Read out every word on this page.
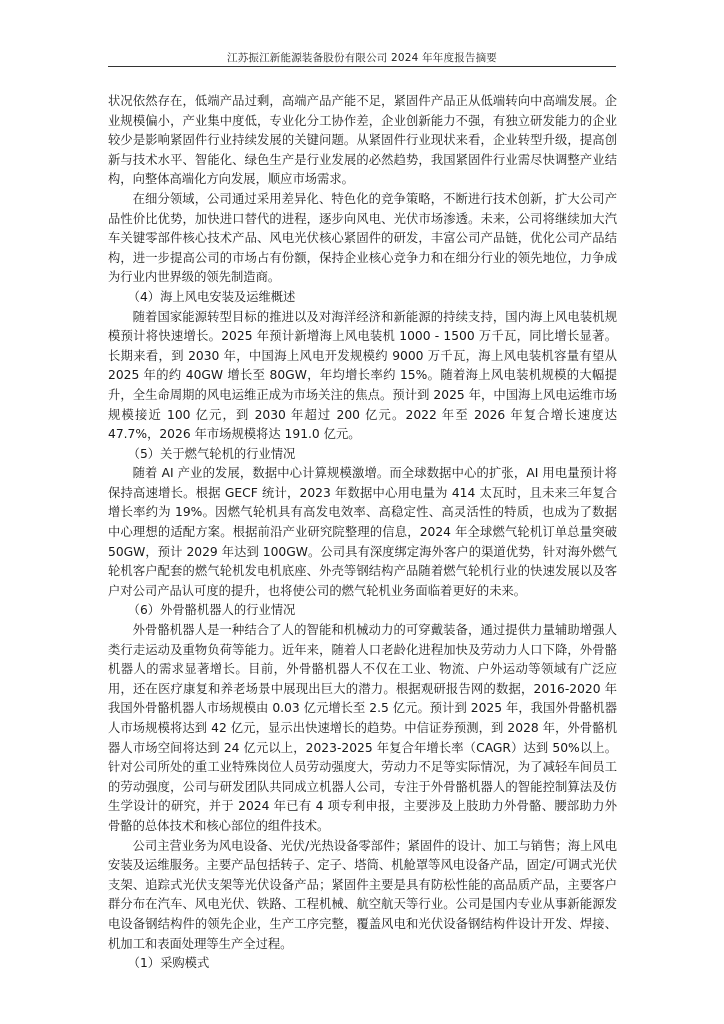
江苏振江新能源装备股份有限公司 2024 年年度报告摘要

状况依然存在，低端产品过剩，高端产品产能不足，紧固件产品正从低端转向中高端发展。企业规模偏小，产业集中度低，专业化分工协作差，企业创新能力不强，有独立研发能力的企业较少是影响紧固件行业持续发展的关键问题。从紧固件行业现状来看，企业转型升级，提高创新与技术水平、智能化、绿色生产是行业发展的必然趋势，我国紧固件行业需尽快调整产业结构，向整体高端化方向发展，顺应市场需求。

在细分领域，公司通过采用差异化、特色化的竞争策略，不断进行技术创新，扩大公司产品性价比优势，加快进口替代的进程，逐步向风电、光伏市场渗透。未来，公司将继续加大汽车关键零部件核心技术产品、风电光伏核心紧固件的研发，丰富公司产品链，优化公司产品结构，进一步提高公司的市场占有份额，保持企业核心竞争力和在细分行业的领先地位，力争成为行业内世界级的领先制造商。

（4）海上风电安装及运维概述

随着国家能源转型目标的推进以及对海洋经济和新能源的持续支持，国内海上风电装机规模预计将快速增长。2025 年预计新增海上风电装机 1000 - 1500 万千瓦，同比增长显著。长期来看，到 2030 年，中国海上风电开发规模约 9000 万千瓦，海上风电装机容量有望从 2025 年的约 40GW 增长至 80GW，年均增长率约 15%。随着海上风电装机规模的大幅提升，全生命周期的风电运维正成为市场关注的焦点。预计到 2025 年，中国海上风电运维市场规模接近 100 亿元，到 2030 年超过 200 亿元。2022 年至 2026 年复合增长速度达 47.7%，2026 年市场规模将达 191.0 亿元。

（5）关于燃气轮机的行业情况

随着 AI 产业的发展，数据中心计算规模激增。而全球数据中心的扩张，AI 用电量预计将保持高速增长。根据 GECF 统计，2023 年数据中心用电量为 414 太瓦时，且未来三年复合增长率约为 19%。因燃气轮机具有高发电效率、高稳定性、高灵活性的特质，也成为了数据中心理想的适配方案。根据前沿产业研究院整理的信息，2024 年全球燃气轮机订单总量突破 50GW，预计 2029 年达到 100GW。公司具有深度绑定海外客户的渠道优势，针对海外燃气轮机客户配套的燃气轮机发电机底座、外壳等钢结构产品随着燃气轮机行业的快速发展以及客户对公司产品认可度的提升，也将使公司的燃气轮机业务面临着更好的未来。

（6）外骨骼机器人的行业情况

外骨骼机器人是一种结合了人的智能和机械动力的可穿戴装备，通过提供力量辅助增强人类行走运动及重物负荷等能力。近年来，随着人口老龄化进程加快及劳动力人口下降，外骨骼机器人的需求显著增长。目前，外骨骼机器人不仅在工业、物流、户外运动等领域有广泛应用，还在医疗康复和养老场景中展现出巨大的潜力。根据观研报告网的数据，2016-2020 年我国外骨骼机器人市场规模由 0.03 亿元增长至 2.5 亿元。预计到 2025 年，我国外骨骼机器人市场规模将达到 42 亿元，显示出快速增长的趋势。中信证券预测，到 2028 年，外骨骼机器人市场空间将达到 24 亿元以上，2023-2025 年复合年增长率（CAGR）达到 50%以上。针对公司所处的重工业特殊岗位人员劳动强度大，劳动力不足等实际情况，为了减轻车间员工的劳动强度，公司与研发团队共同成立机器人公司，专注于外骨骼机器人的智能控制算法及仿生学设计的研究，并于 2024 年已有 4 项专利申报，主要涉及上肢助力外骨骼、腰部助力外骨骼的总体技术和核心部位的组件技术。

公司主营业务为风电设备、光伏/光热设备零部件；紧固件的设计、加工与销售；海上风电安装及运维服务。主要产品包括转子、定子、塔筒、机舱罩等风电设备产品，固定/可调式光伏支架、追踪式光伏支架等光伏设备产品；紧固件主要是具有防松性能的高品质产品，主要客户群分布在汽车、风电光伏、铁路、工程机械、航空航天等行业。公司是国内专业从事新能源发电设备钢结构件的领先企业，生产工序完整，覆盖风电和光伏设备钢结构件设计开发、焊接、机加工和表面处理等生产全过程。

（1）采购模式
